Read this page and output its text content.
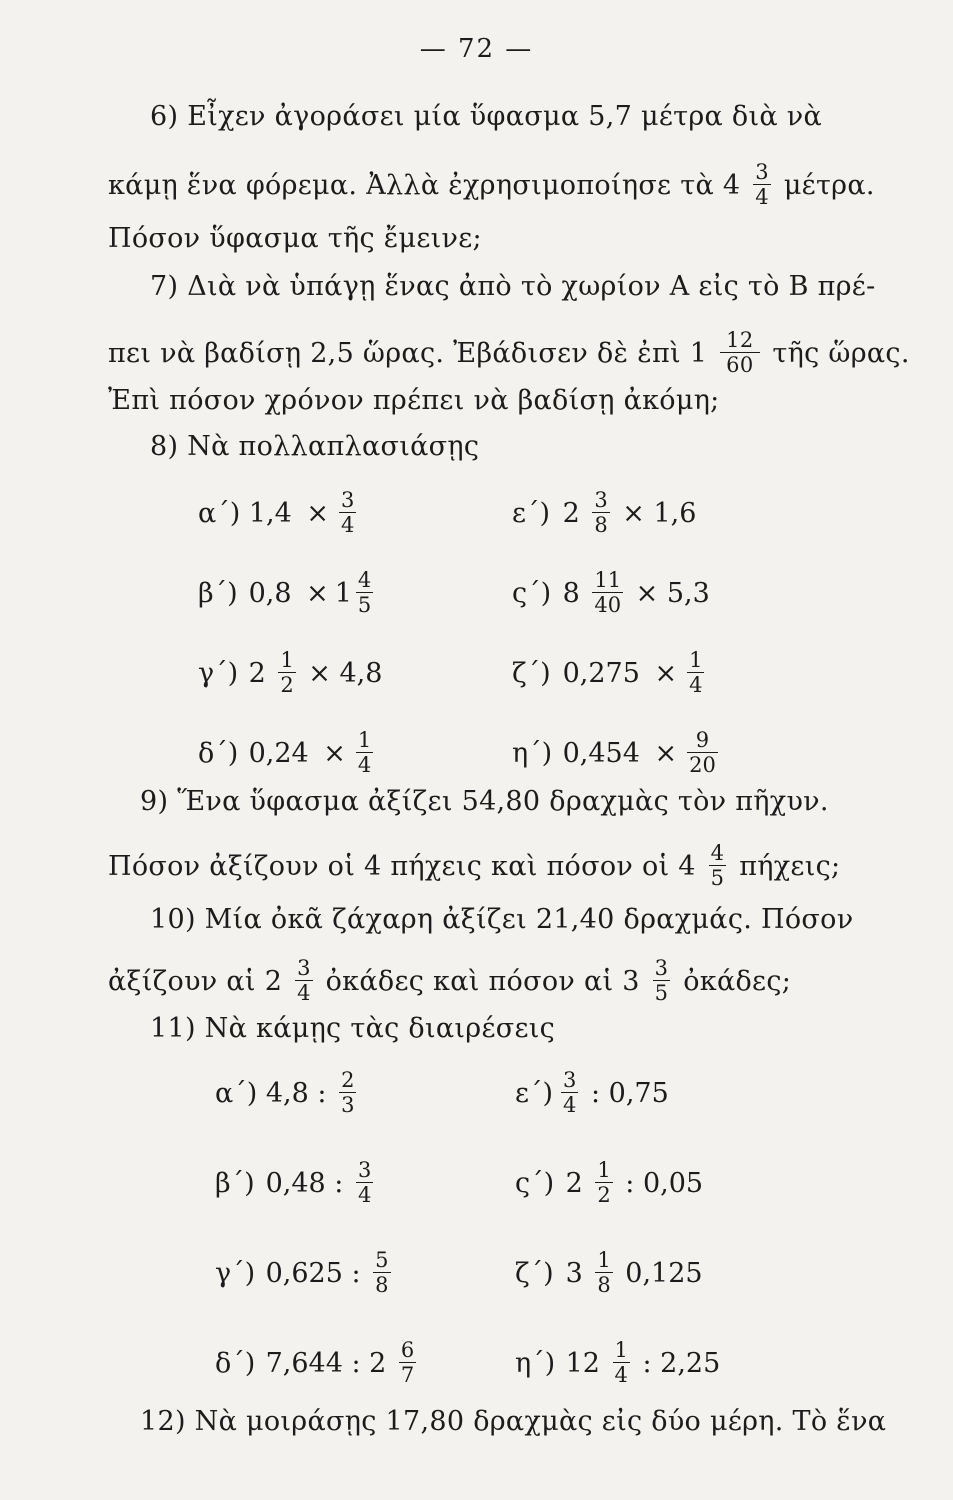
— 72 —
6) Εἶχεν ἀγοράσει μία ὕφασμα 5,7 μέτρα διὰ νὰ
κάμῃ ἕνα φόρεμα. Ἀλλὰ ἐχρησιμοποίησε τὰ $4 \frac{3}{4} \mu έ\tau\rho\alpha$.
Πόσον ὕφασμα τῆς ἔμεινε;
7) Διὰ νὰ ὑπάγῃ ἕνας ἀπὸ τὸ χωρίον Α εἰς τὸ Β πρέ-
πει νὰ βαδίσῃ 2,5 ὥρας. Ἐβάδισεν δὲ ἐπὶ $1 \frac{12}{60}$ τῆς ὥρας.
Ἐπὶ πόσον χρόνον πρέπει νὰ βαδίσῃ ἀκόμη;
8) Νὰ πολλαπλασιάσῃς
α΄) $1,4 \times \frac{3}{4}$
β΄) $0,8 \times 1 \frac{4}{5}$
γ΄) $2 \frac{1}{2} \times 4,8$
δ΄) $0,24 \times \frac{1}{4}$
ε΄) $2 \frac{3}{8} \times 1,6$
ς΄) $8 \frac{11}{40} \times 5,3$
ζ΄) $0,275 \times \frac{1}{4}$
η΄) $0,454 \times \frac{9}{20}$
9) Ἕνα ὕφασμα ἀξίζει 54,80 δραχμὰς τὸν πῆχυν.
Πόσον ἀξίζουν οἱ 4 πήχεις καὶ πόσον οἱ $4 \frac{4}{5} \pi ή\chi\varepsilon\iota\varsigma$;
10) Μία ὀκᾶ ζάχαρη ἀξίζει 21,40 δραχμάς. Πόσον
ἀξίζουν αἱ $2 \frac{3}{4}$ ὀκάδες καὶ πόσον αἱ $3 \frac{3}{5}$ ὀκάδες;
11) Νὰ κάμῃς τὰς διαιρέσεις
α΄) 4,8 : $\frac{2}{3}$
β΄) 0,48 : $\frac{3}{4}$
γ΄) 0,625 : $\frac{5}{8}$
δ΄) 7,644 : $2 \frac{6}{7}$
$\varepsilon΄) \frac{3}{4}$ : 0,75
ς΄) $2 \frac{1}{2}$ : 0,05
ζ΄) $3 \frac{1}{8} 0,125$
η΄) $12 \frac{1}{4}$ : 2,25
12) Νὰ μοιράσῃς 17,80 δραχμὰς εἰς δύο μέρη. Τὸ ἕνα
